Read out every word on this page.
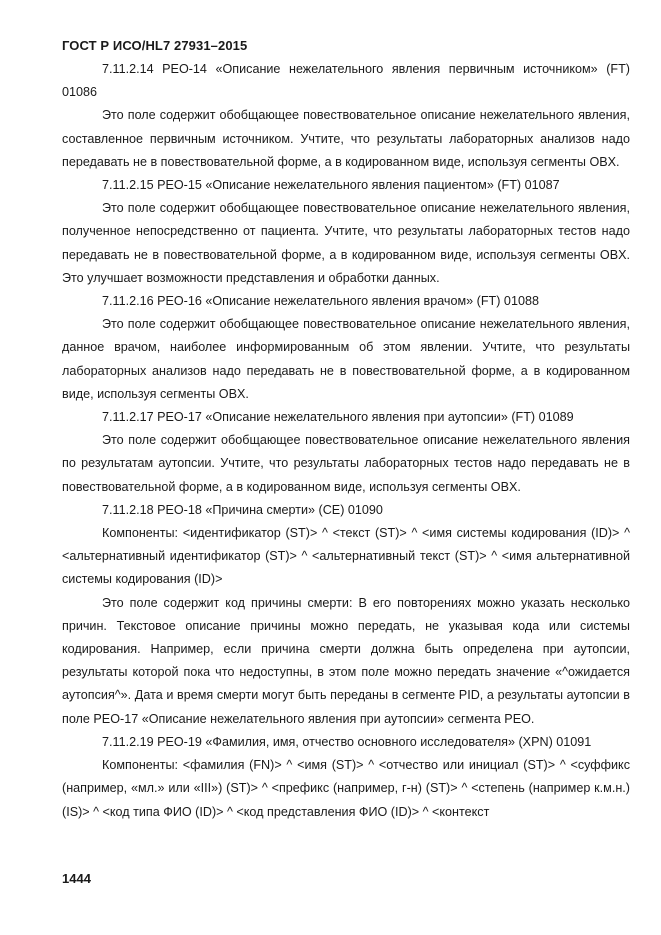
ГОСТ Р ИСО/HL7 27931–2015

7.11.2.14 PEO-14 «Описание нежелательного явления первичным источником» (FT) 01086

Это поле содержит обобщающее повествовательное описание нежелательного явления, составленное первичным источником. Учтите, что результаты лабораторных анализов надо передавать не в повествовательной форме, а в кодированном виде, используя сегменты OBX.

7.11.2.15 PEO-15 «Описание нежелательного явления пациентом» (FT) 01087

Это поле содержит обобщающее повествовательное описание нежелательного явления, полученное непосредственно от пациента. Учтите, что результаты лабораторных тестов надо передавать не в повествовательной форме, а в кодированном виде, используя сегменты OBX. Это улучшает возможности представления и обработки данных.

7.11.2.16 PEO-16 «Описание нежелательного явления врачом» (FT) 01088

Это поле содержит обобщающее повествовательное описание нежелательного явления, данное врачом, наиболее информированным об этом явлении. Учтите, что результаты лабораторных анализов надо передавать не в повествовательной форме, а в кодированном виде, используя сегменты OBX.

7.11.2.17 PEO-17 «Описание нежелательного явления при аутопсии» (FT) 01089

Это поле содержит обобщающее повествовательное описание нежелательного явления по результатам аутопсии. Учтите, что результаты лабораторных тестов надо передавать не в повествовательной форме, а в кодированном виде, используя сегменты OBX.

7.11.2.18 PEO-18 «Причина смерти» (CE) 01090

Компоненты: <идентификатор (ST)> ^ <текст (ST)> ^ <имя системы кодирования (ID)> ^ <альтернативный идентификатор (ST)> ^ <альтернативный текст (ST)> ^ <имя альтернативной системы кодирования (ID)>

Это поле содержит код причины смерти: В его повторениях можно указать несколько причин. Текстовое описание причины можно передать, не указывая кода или системы кодирования. Например, если причина смерти должна быть определена при аутопсии, результаты которой пока что недоступны, в этом поле можно передать значение «^ожидается аутопсия^». Дата и время смерти могут быть переданы в сегменте PID, а результаты аутопсии в поле PEO-17 «Описание нежелательного явления при аутопсии» сегмента PEO.

7.11.2.19 PEO-19 «Фамилия, имя, отчество основного исследователя» (XPN) 01091

Компоненты: <фамилия (FN)> ^ <имя (ST)> ^ <отчество или инициал (ST)> ^ <суффикс (например, «мл.» или «III») (ST)> ^ <префикс (например, г-н) (ST)> ^ <степень (например к.м.н.) (IS)> ^ <код типа ФИО (ID)> ^ <код представления ФИО (ID)> ^ <контекст

1444
